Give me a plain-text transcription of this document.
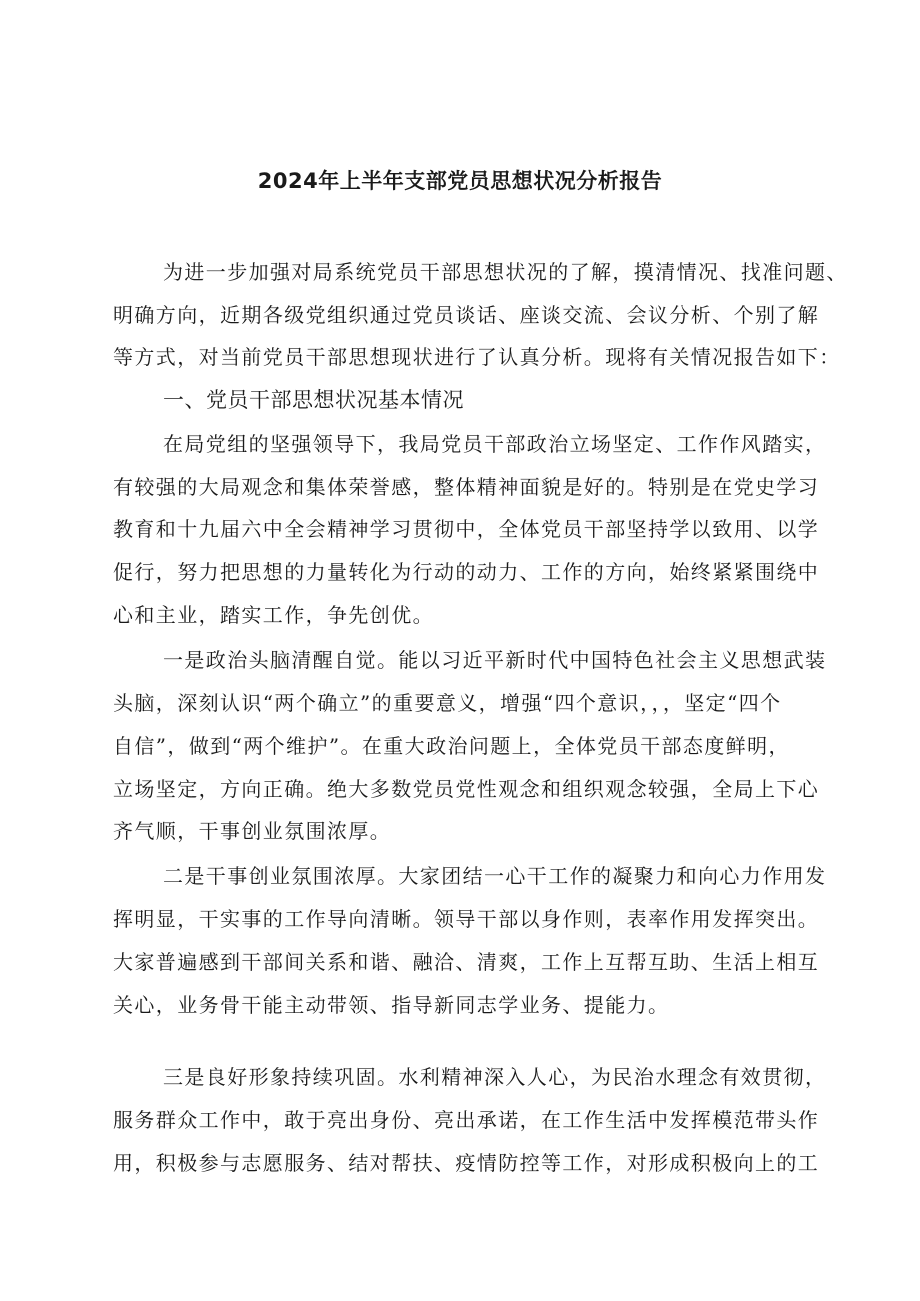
2024年上半年支部党员思想状况分析报告
为进一步加强对局系统党员干部思想状况的了解，摸清情况、找准问题、
明确方向，近期各级党组织通过党员谈话、座谈交流、会议分析、个别了解
等方式，对当前党员干部思想现状进行了认真分析。现将有关情况报告如下：
一、党员干部思想状况基本情况
在局党组的坚强领导下，我局党员干部政治立场坚定、工作作风踏实，
有较强的大局观念和集体荣誉感，整体精神面貌是好的。特别是在党史学习
教育和十九届六中全会精神学习贯彻中，全体党员干部坚持学以致用、以学
促行，努力把思想的力量转化为行动的动力、工作的方向，始终紧紧围绕中
心和主业，踏实工作，争先创优。
一是政治头脑清醒自觉。能以习近平新时代中国特色社会主义思想武装
头脑，深刻认识“两个确立”的重要意义，增强“四个意识，，，坚定“四个
自信”，做到“两个维护”。在重大政治问题上，全体党员干部态度鲜明，
立场坚定，方向正确。绝大多数党员党性观念和组织观念较强，全局上下心
齐气顺，干事创业氛围浓厚。
二是干事创业氛围浓厚。大家团结一心干工作的凝聚力和向心力作用发
挥明显，干实事的工作导向清晰。领导干部以身作则，表率作用发挥突出。
大家普遍感到干部间关系和谐、融洽、清爽，工作上互帮互助、生活上相互
关心，业务骨干能主动带领、指导新同志学业务、提能力。
三是良好形象持续巩固。水利精神深入人心，为民治水理念有效贯彻，
服务群众工作中，敢于亮出身份、亮出承诺，在工作生活中发挥模范带头作
用，积极参与志愿服务、结对帮扶、疫情防控等工作，对形成积极向上的工
